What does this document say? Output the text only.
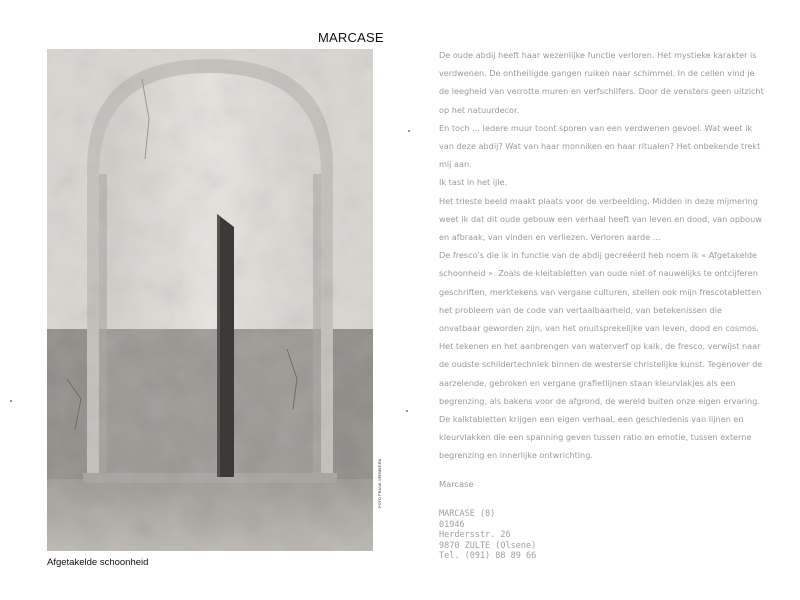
MARCASE
FOTO FRANK VERMEERA
Afgetakelde schoonheid

De oude abdij heeft haar wezenlijke functie verloren. Het mystieke karakter is verdwenen. De ontheiligde gangen ruiken naar schimmel. In de cellen vind je de leegheid van verrotte muren en verfschilfers. Door de vensters geen uitzicht op het natuurdecor.

En toch ... Iedere muur toont sporen van een verdwenen gevoel. Wat weet ik van deze abdij? Wat van haar monniken en haar ritualen? Het onbekende trekt mij aan.

Ik tast in het ijle.

Het trieste beeld maakt plaats voor de verbeelding. Midden in deze mijmering weet ik dat dit oude gebouw een verhaal heeft van leven en dood, van opbouw en afbraak, van vinden en verliezen. Verloren aarde ...

De fresco's die ik in functie van de abdij gecreëerd heb noem ik « Afgetakelde schoonheid ». Zoals de kleitabletten van oude niet of nauwelijks te ontcijferen geschriften, merktekens van vergane culturen, stellen ook mijn frescotabletten het probleem van de code van vertaalbaarheid, van betekenissen die onvatbaar geworden zijn, van het onuitsprekelijke van leven, dood en cosmos.

Het tekenen en het aanbrengen van waterverf op kalk, de fresco, verwijst naar de oudste schildertechniek binnen de westerse christelijke kunst. Tegenover de aarzelende, gebroken en vergane grafietlijnen staan kleurvlakjes als een begrenzing, als bakens voor de afgrond, de wereld buiten onze eigen ervaring.

De kalktabletten krijgen een eigen verhaal, een geschiedenis van lijnen en kleurvlakken die een spanning geven tussen ratio en emotie, tussen externe begrenzing en innerlijke ontwrichting.

Marcase
MARCASE (8)
01946
Herdersstr. 26
9870 ZULTE (Olsene)
Tel. (091) 88 89 66
